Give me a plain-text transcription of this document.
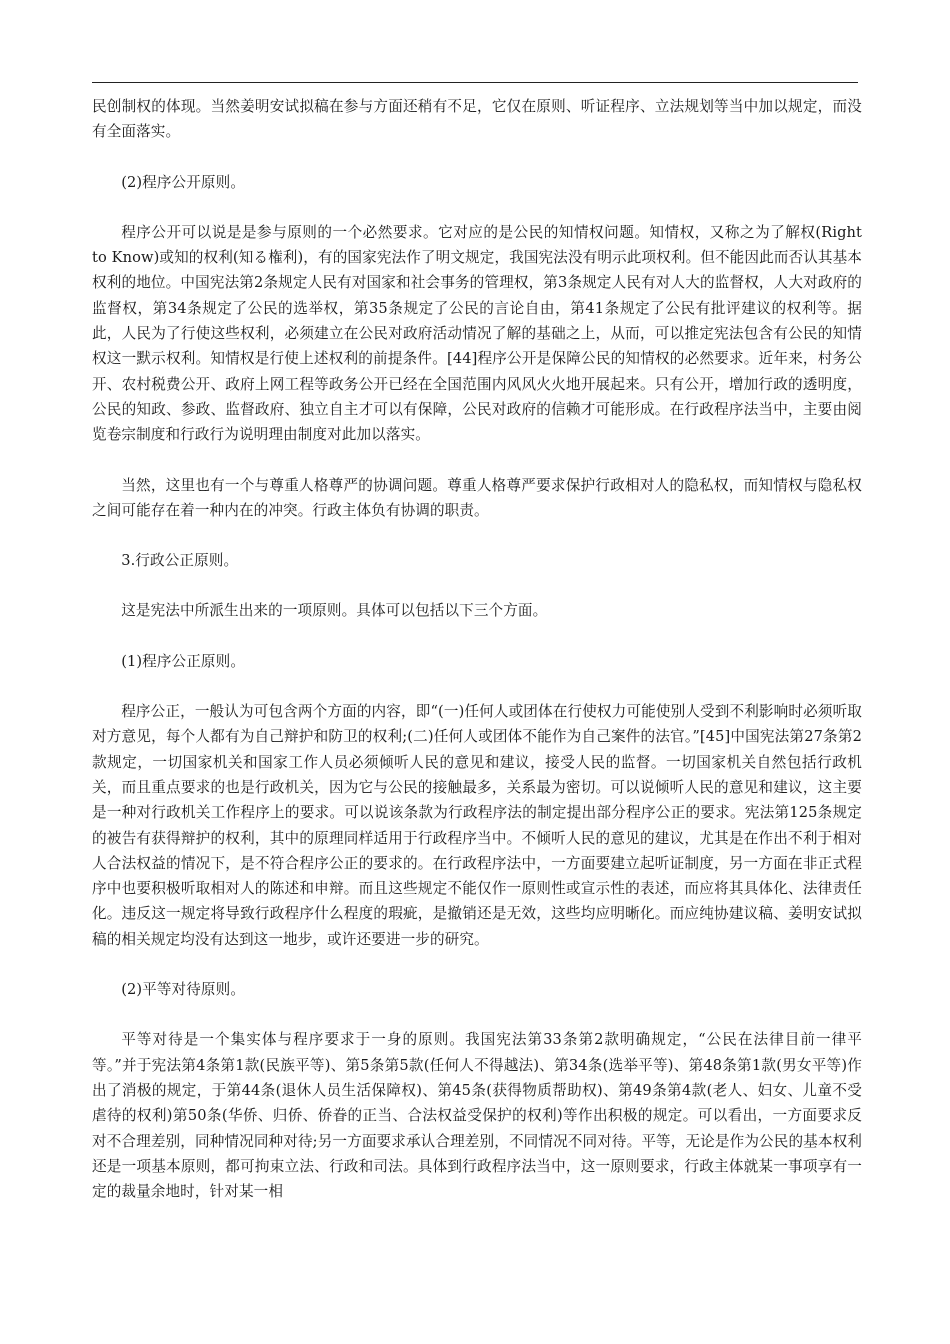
民创制权的体现。当然姜明安试拟稿在参与方面还稍有不足，它仅在原则、听证程序、立法规划等当中加以规定，而没有全面落实。

(2)程序公开原则。

程序公开可以说是是参与原则的一个必然要求。它对应的是公民的知情权问题。知情权，又称之为了解权(Right to Know)或知的权利(知る権利)，有的国家宪法作了明文规定，我国宪法没有明示此项权利。但不能因此而否认其基本权利的地位。中国宪法第2条规定人民有对国家和社会事务的管理权，第3条规定人民有对人大的监督权，人大对政府的监督权，第34条规定了公民的选举权，第35条规定了公民的言论自由，第41条规定了公民有批评建议的权利等。据此，人民为了行使这些权利，必须建立在公民对政府活动情况了解的基础之上，从而，可以推定宪法包含有公民的知情权这一默示权利。知情权是行使上述权利的前提条件。[44]程序公开是保障公民的知情权的必然要求。近年来，村务公开、农村税费公开、政府上网工程等政务公开已经在全国范围内风风火火地开展起来。只有公开，增加行政的透明度，公民的知政、参政、监督政府、独立自主才可以有保障，公民对政府的信赖才可能形成。在行政程序法当中，主要由阅览卷宗制度和行政行为说明理由制度对此加以落实。

当然，这里也有一个与尊重人格尊严的协调问题。尊重人格尊严要求保护行政相对人的隐私权，而知情权与隐私权之间可能存在着一种内在的冲突。行政主体负有协调的职责。

3.行政公正原则。

这是宪法中所派生出来的一项原则。具体可以包括以下三个方面。

(1)程序公正原则。

程序公正，一般认为可包含两个方面的内容，即“(一)任何人或团体在行使权力可能使别人受到不利影响时必须听取对方意见，每个人都有为自己辩护和防卫的权利;(二)任何人或团体不能作为自己案件的法官。”[45]中国宪法第27条第2款规定，一切国家机关和国家工作人员必须倾听人民的意见和建议，接受人民的监督。一切国家机关自然包括行政机关，而且重点要求的也是行政机关，因为它与公民的接触最多，关系最为密切。可以说倾听人民的意见和建议，这主要是一种对行政机关工作程序上的要求。可以说该条款为行政程序法的制定提出部分程序公正的要求。宪法第125条规定的被告有获得辩护的权利，其中的原理同样适用于行政程序当中。不倾听人民的意见的建议，尤其是在作出不利于相对人合法权益的情况下，是不符合程序公正的要求的。在行政程序法中，一方面要建立起听证制度，另一方面在非正式程序中也要积极听取相对人的陈述和申辩。而且这些规定不能仅作一原则性或宣示性的表述，而应将其具体化、法律责任化。违反这一规定将导致行政程序什么程度的瑕疵，是撤销还是无效，这些均应明晰化。而应纯协建议稿、姜明安试拟稿的相关规定均没有达到这一地步，或许还要进一步的研究。

(2)平等对待原则。

平等对待是一个集实体与程序要求于一身的原则。我国宪法第33条第2款明确规定，“公民在法律目前一律平等。”并于宪法第4条第1款(民族平等)、第5条第5款(任何人不得越法)、第34条(选举平等)、第48条第1款(男女平等)作出了消极的规定，于第44条(退休人员生活保障权)、第45条(获得物质帮助权)、第49条第4款(老人、妇女、儿童不受虐待的权利)第50条(华侨、归侨、侨眷的正当、合法权益受保护的权利)等作出积极的规定。可以看出，一方面要求反对不合理差别，同种情况同种对待;另一方面要求承认合理差别，不同情况不同对待。平等，无论是作为公民的基本权利还是一项基本原则，都可拘束立法、行政和司法。具体到行政程序法当中，这一原则要求，行政主体就某一事项享有一定的裁量余地时，针对某一相
